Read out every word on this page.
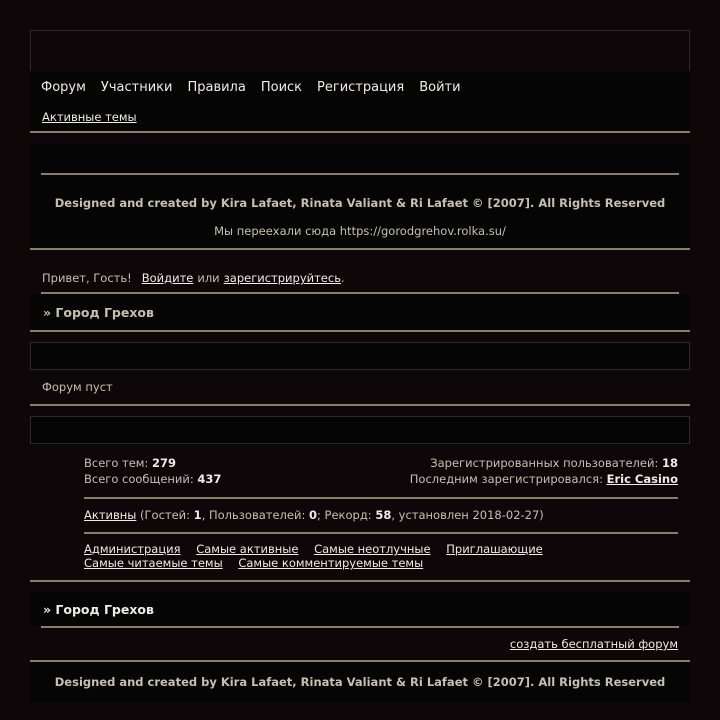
Форум Участники Правила Поиск Регистрация Войти
Активные темы
Designed and created by Kira Lafaet, Rinata Valiant & Ri Lafaet © [2007]. All Rights Reserved
Мы переехали сюда https://gorodgrehov.rolka.su/
Привет, Гость! Войдите или зарегистрируйтесь .
» Город Грехов
Форум пуст
Всего тем: 279	Зарегистрированных пользователей: 18
Всего сообщений: 437	Последним зарегистрировался: Eric Casino
Активны (Гостей: 1, Пользователей: 0; Рекорд: 58, установлен 2018-02-27)
Администрация Самые активные Самые неотлучные Приглашающие
Самые читаемые темы Самые комментируемые темы
» Город Грехов
создать бесплатный форум
Designed and created by Kira Lafaet, Rinata Valiant & Ri Lafaet © [2007]. All Rights Reserved
